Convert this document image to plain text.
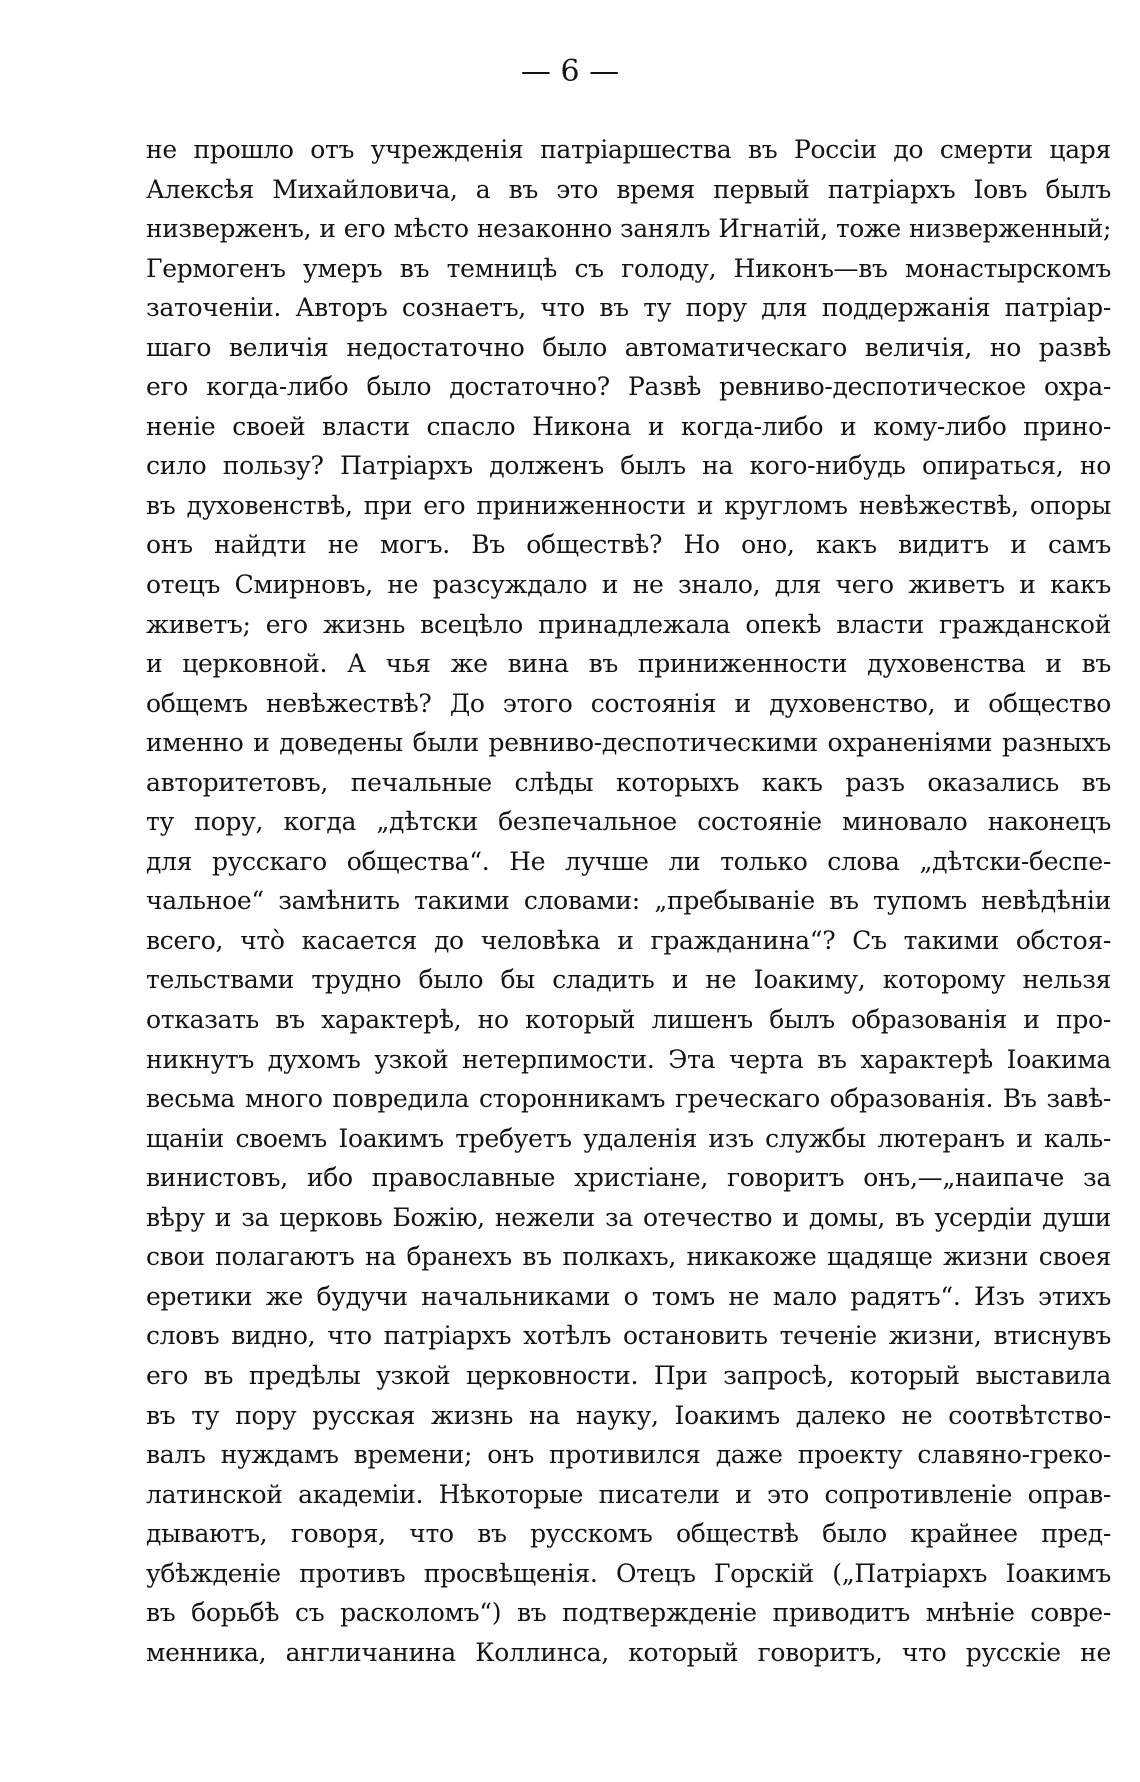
— 6 —
не прошло отъ учрежденія патріаршества въ Россіи до смерти царя
Алексѣя Михайловича, а въ это время первый патріархъ Іовъ былъ
низверженъ, и его мѣсто незаконно занялъ Игнатій, тоже низверженный;
Гермогенъ умеръ въ темницѣ съ голоду, Никонъ—въ монастырскомъ
заточеніи. Авторъ сознаетъ, что въ ту пору для поддержанія патріар-
шаго величія недостаточно было автоматическаго величія, но развѣ
его когда-либо было достаточно? Развѣ ревниво-деспотическое охра-
неніе своей власти спасло Никона и когда-либо и кому-либо прино-
сило пользу? Патріархъ долженъ былъ на кого-нибудь опираться, но
въ духовенствѣ, при его приниженности и кругломъ невѣжествѣ, опоры
онъ найдти не могъ. Въ обществѣ? Но оно, какъ видитъ и самъ
отецъ Смирновъ, не разсуждало и не знало, для чего живетъ и какъ
живетъ; его жизнь всецѣло принадлежала опекѣ власти гражданской
и церковной. А чья же вина въ приниженности духовенства и въ
общемъ невѣжествѣ? До этого состоянія и духовенство, и общество
именно и доведены были ревниво-деспотическими охраненіями разныхъ
авторитетовъ, печальные слѣды которыхъ какъ разъ оказались въ
ту пору, когда „дѣтски безпечальное состояніе миновало наконецъ
для русскаго общества“. Не лучше ли только слова „дѣтски-беспе-
чальное“ замѣнить такими словами: „пребываніе въ тупомъ невѣдѣніи
всего, что̀ касается до человѣка и гражданина“? Съ такими обстоя-
тельствами трудно было бы сладить и не Іоакиму, которому нельзя
отказать въ характерѣ, но который лишенъ былъ образованія и про-
никнутъ духомъ узкой нетерпимости. Эта черта въ характерѣ Іоакима
весьма много повредила сторонникамъ греческаго образованія. Въ завѣ-
щаніи своемъ Іоакимъ требуетъ удаленія изъ службы лютеранъ и каль-
винистовъ, ибо православные христіане, говоритъ онъ,—„наипаче за
вѣру и за церковь Божію, нежели за отечество и домы, въ усердіи души
свои полагаютъ на бранехъ въ полкахъ, никакоже щадяще жизни своея
еретики же будучи начальниками о томъ не мало радятъ“. Изъ этихъ
словъ видно, что патріархъ хотѣлъ остановить теченіе жизни, втиснувъ
его въ предѣлы узкой церковности. При запросѣ, который выставила
въ ту пору русская жизнь на науку, Іоакимъ далеко не соотвѣтство-
валъ нуждамъ времени; онъ противился даже проекту славяно-греко-
латинской академіи. Нѣкоторые писатели и это сопротивленіе оправ-
дываютъ, говоря, что въ русскомъ обществѣ было крайнее пред-
убѣжденіе противъ просвѣщенія. Отецъ Горскій („Патріархъ Іоакимъ
въ борьбѣ съ расколомъ“) въ подтвержденіе приводитъ мнѣніе совре-
менника, англичанина Коллинса, который говоритъ, что русскіе не
